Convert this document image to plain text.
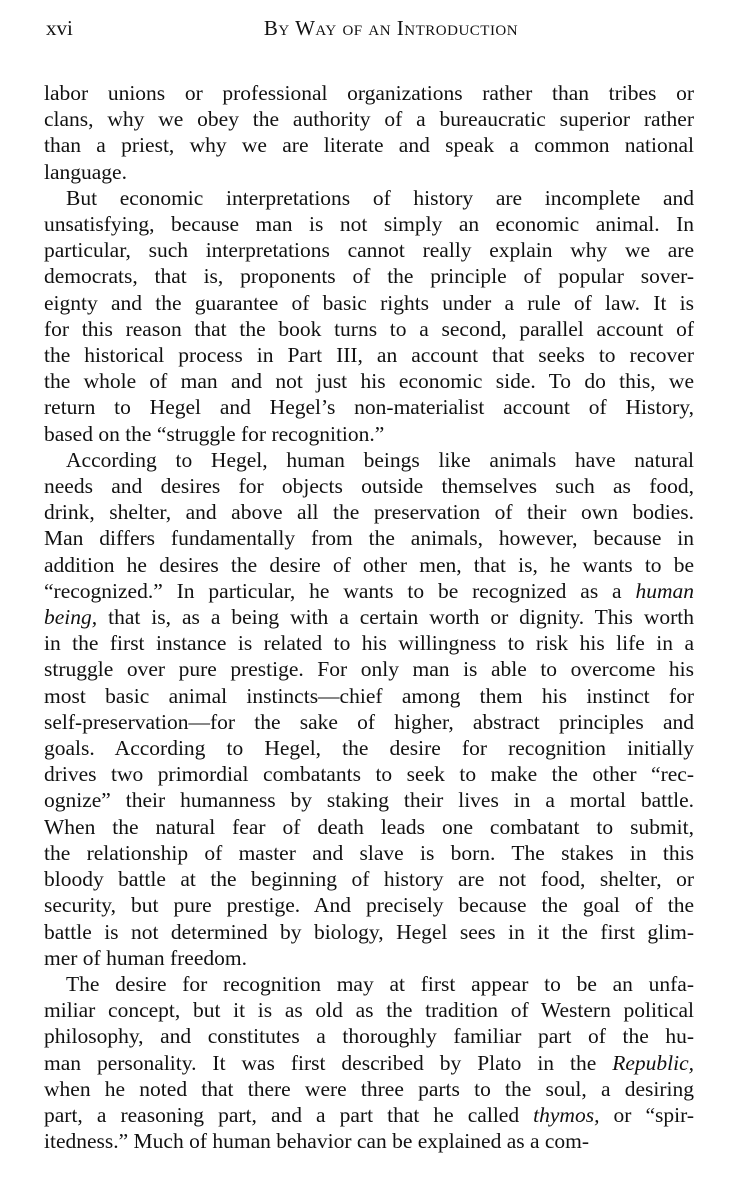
xvi	By Way of an Introduction

labor unions or professional organizations rather than tribes or
clans, why we obey the authority of a bureaucratic superior rather
than a priest, why we are literate and speak a common national
language.

But economic interpretations of history are incomplete and
unsatisfying, because man is not simply an economic animal. In
particular, such interpretations cannot really explain why we are
democrats, that is, proponents of the principle of popular sover-
eignty and the guarantee of basic rights under a rule of law. It is
for this reason that the book turns to a second, parallel account of
the historical process in Part III, an account that seeks to recover
the whole of man and not just his economic side. To do this, we
return to Hegel and Hegel’s non-materialist account of History,
based on the “struggle for recognition.”

According to Hegel, human beings like animals have natural
needs and desires for objects outside themselves such as food,
drink, shelter, and above all the preservation of their own bodies.
Man differs fundamentally from the animals, however, because in
addition he desires the desire of other men, that is, he wants to be
“recognized.” In particular, he wants to be recognized as a human
being, that is, as a being with a certain worth or dignity. This worth
in the first instance is related to his willingness to risk his life in a
struggle over pure prestige. For only man is able to overcome his
most basic animal instincts—chief among them his instinct for
self-preservation—for the sake of higher, abstract principles and
goals. According to Hegel, the desire for recognition initially
drives two primordial combatants to seek to make the other “rec-
ognize” their humanness by staking their lives in a mortal battle.
When the natural fear of death leads one combatant to submit,
the relationship of master and slave is born. The stakes in this
bloody battle at the beginning of history are not food, shelter, or
security, but pure prestige. And precisely because the goal of the
battle is not determined by biology, Hegel sees in it the first glim-
mer of human freedom.

The desire for recognition may at first appear to be an unfa-
miliar concept, but it is as old as the tradition of Western political
philosophy, and constitutes a thoroughly familiar part of the hu-
man personality. It was first described by Plato in the Republic,
when he noted that there were three parts to the soul, a desiring
part, a reasoning part, and a part that he called thymos, or “spir-
itedness.” Much of human behavior can be explained as a com-
